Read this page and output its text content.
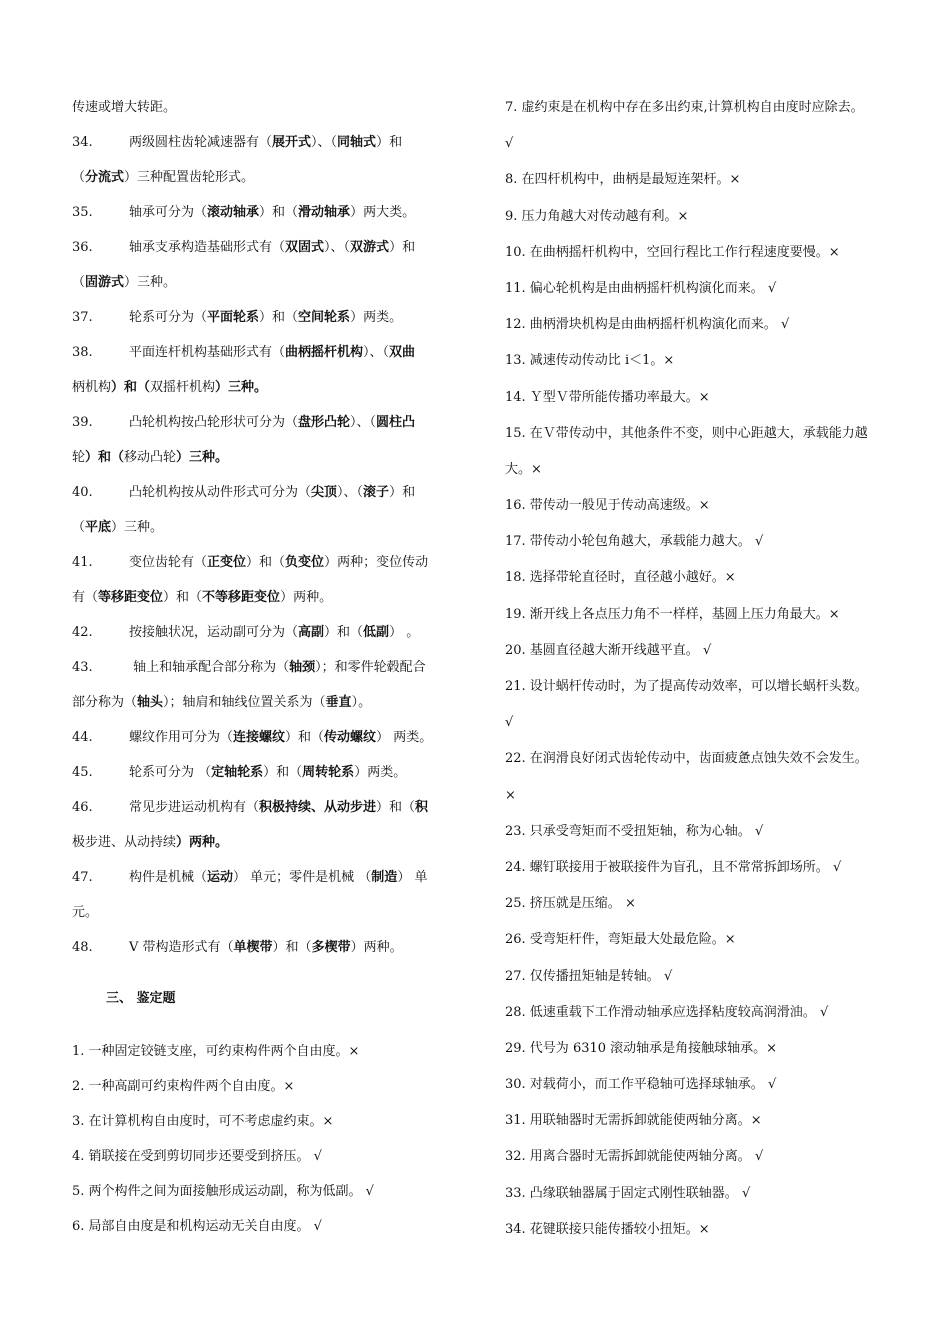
传速或增大转距。
34.	两级圆柱齿轮减速器有（展开式）、（同轴式）和
（分流式）三种配置齿轮形式。
35.	轴承可分为（滚动轴承）和（滑动轴承）两大类。
36.	轴承支承构造基础形式有（双固式）、（双游式）和
（固游式）三种。
37.	轮系可分为（平面轮系）和（空间轮系）两类。
38.	平面连杆机构基础形式有（曲柄摇杆机构）、（双曲
柄机构）和（双摇杆机构）三种。
39.	凸轮机构按凸轮形状可分为（盘形凸轮）、（圆柱凸
轮）和（移动凸轮）三种。
40.	凸轮机构按从动件形式可分为（尖顶）、（滚子）和
（平底）三种。
41.	变位齿轮有（正变位）和（负变位）两种；变位传动
有（等移距变位）和（不等移距变位）两种。
42.	按接触状况，运动副可分为（高副）和（低副） 。
43.	轴上和轴承配合部分称为（轴颈）；和零件轮毂配合
部分称为（轴头）；轴肩和轴线位置关系为（垂直）。
44.	螺纹作用可分为（连接螺纹）和（传动螺纹） 两类。
45.	轮系可分为 （定轴轮系）和（周转轮系）两类。
46.	常见步进运动机构有（积极持续、从动步进）和（积
极步进、从动持续）两种。
47.	构件是机械（运动） 单元；零件是机械 （制造） 单
元。
48.	V 带构造形式有（单楔带）和（多楔带）两种。
三、 鉴定题
1. 一种固定铰链支座，可约束构件两个自由度。×
2. 一种高副可约束构件两个自由度。×
3. 在计算机构自由度时，可不考虑虚约束。×
4. 销联接在受到剪切同步还要受到挤压。 √
5. 两个构件之间为面接触形成运动副，称为低副。 √
6. 局部自由度是和机构运动无关自由度。 √
7. 虚约束是在机构中存在多出约束,计算机构自由度时应除去。
√
8. 在四杆机构中，曲柄是最短连架杆。×
9. 压力角越大对传动越有利。×
10. 在曲柄摇杆机构中，空回行程比工作行程速度要慢。×
11. 偏心轮机构是由曲柄摇杆机构演化而来。 √
12. 曲柄滑块机构是由曲柄摇杆机构演化而来。 √
13. 减速传动传动比 i＜1。×
14. Ｙ型Ｖ带所能传播功率最大。×
15. 在Ｖ带传动中，其他条件不变，则中心距越大，承载能力越
大。×
16. 带传动一般见于传动高速级。×
17. 带传动小轮包角越大，承载能力越大。 √
18. 选择带轮直径时，直径越小越好。×
19. 渐开线上各点压力角不一样样，基圆上压力角最大。×
20. 基圆直径越大渐开线越平直。 √
21. 设计蜗杆传动时，为了提高传动效率，可以增长蜗杆头数。
√
22. 在润滑良好闭式齿轮传动中，齿面疲惫点蚀失效不会发生。
×
23. 只承受弯矩而不受扭矩轴，称为心轴。 √
24. 螺钉联接用于被联接件为盲孔，且不常常拆卸场所。 √
25. 挤压就是压缩。 ×
26. 受弯矩杆件，弯矩最大处最危险。×
27. 仅传播扭矩轴是转轴。 √
28. 低速重载下工作滑动轴承应选择粘度较高润滑油。 √
29. 代号为 6310 滚动轴承是角接触球轴承。×
30. 对载荷小，而工作平稳轴可选择球轴承。 √
31. 用联轴器时无需拆卸就能使两轴分离。×
32. 用离合器时无需拆卸就能使两轴分离。 √
33. 凸缘联轴器属于固定式刚性联轴器。 √
34. 花键联接只能传播较小扭矩。×
